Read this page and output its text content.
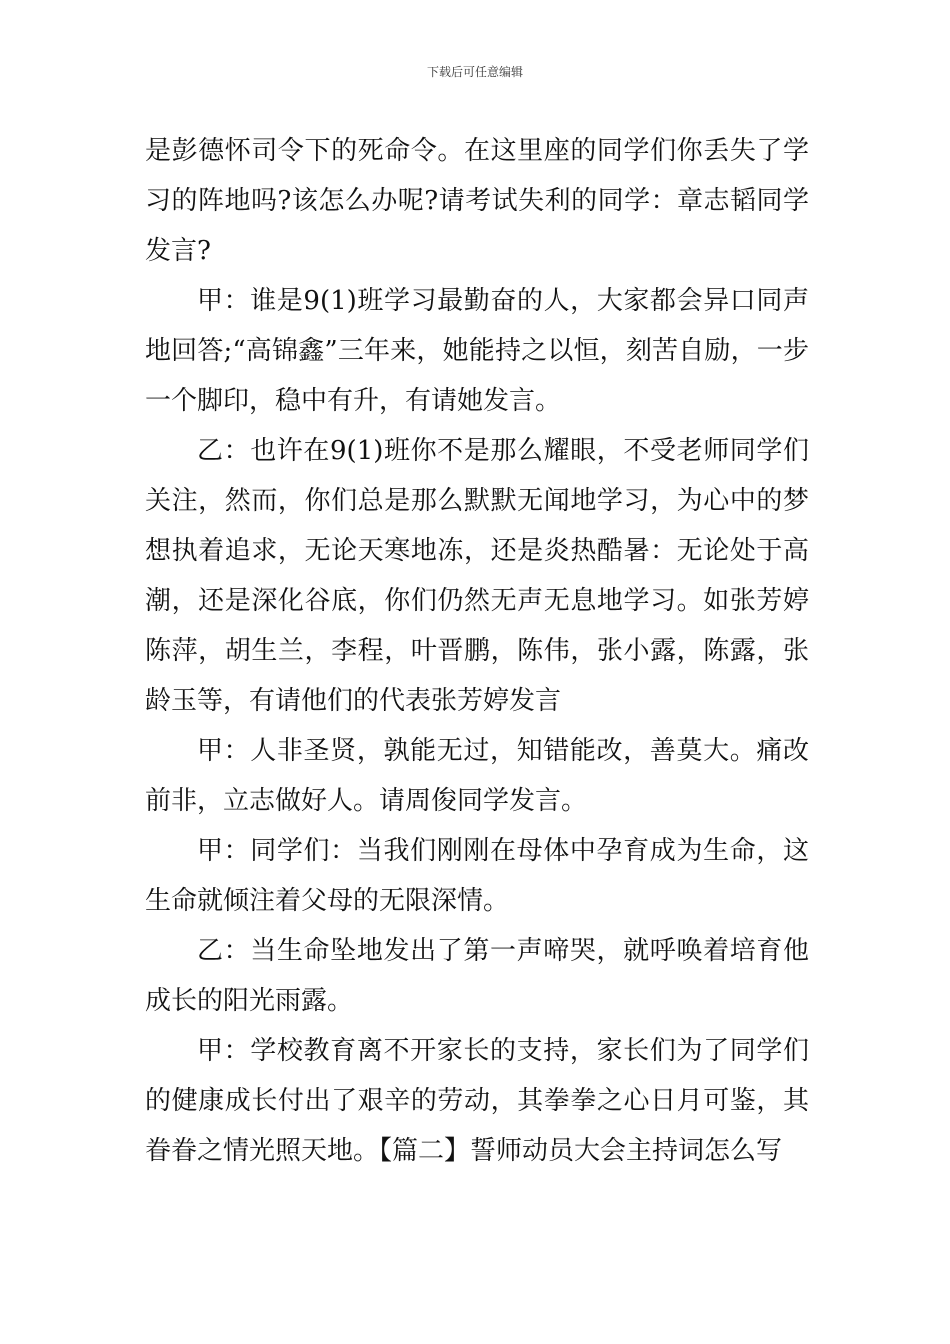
下载后可任意编辑

是彭德怀司令下的死命令。在这里座的同学们你丢失了学习的阵地吗?该怎么办呢?请考试失利的同学：章志韬同学发言?

甲：谁是9(1)班学习最勤奋的人，大家都会异口同声地回答;“高锦鑫”三年来，她能持之以恒，刻苦自励，一步一个脚印，稳中有升，有请她发言。

乙：也许在9(1)班你不是那么耀眼，不受老师同学们关注，然而，你们总是那么默默无闻地学习，为心中的梦想执着追求，无论天寒地冻，还是炎热酷暑：无论处于高潮，还是深化谷底，你们仍然无声无息地学习。如张芳婷陈萍，胡生兰，李程，叶晋鹏，陈伟，张小露，陈露，张龄玉等，有请他们的代表张芳婷发言

甲：人非圣贤，孰能无过，知错能改，善莫大。痛改前非，立志做好人。请周俊同学发言。

甲：同学们：当我们刚刚在母体中孕育成为生命，这生命就倾注着父母的无限深情。

乙：当生命坠地发出了第一声啼哭，就呼唤着培育他成长的阳光雨露。

甲：学校教育离不开家长的支持，家长们为了同学们的健康成长付出了艰辛的劳动，其拳拳之心日月可鉴，其眷眷之情光照天地。【篇二】誓师动员大会主持词怎么写
